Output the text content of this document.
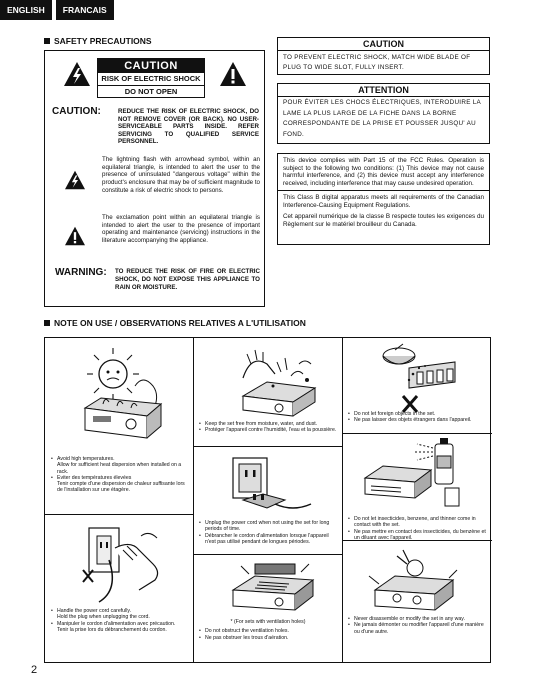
ENGLISH	FRANCAIS
SAFETY PRECAUTIONS
CAUTION
RISK OF ELECTRIC SHOCK
DO NOT OPEN
CAUTION:	REDUCE THE RISK OF ELECTRIC SHOCK, DO NOT REMOVE COVER (OR BACK). NO USER-SERVICEABLE PARTS INSIDE. REFER SERVICING TO QUALIFIED SERVICE PERSONNEL.
The lightning flash with arrowhead symbol, within an equilateral triangle, is intended to alert the user to the presence of uninsulated "dangerous voltage" within the product's enclosure that may be of sufficient magnitude to constitute a risk of electric shock to persons.
The exclamation point within an equilateral triangle is intended to alert the user to the presence of important operating and maintenance (servicing) instructions in the literature accompanying the appliance.
WARNING: TO REDUCE THE RISK OF FIRE OR ELECTRIC SHOCK, DO NOT EXPOSE THIS APPLIANCE TO RAIN OR MOISTURE.
CAUTION
TO PREVENT ELECTRIC SHOCK, MATCH WIDE BLADE OF PLUG TO WIDE SLOT, FULLY INSERT.
ATTENTION
POUR ÉVITER LES CHOCS ÉLECTRIQUES, INTERODUIRE LA LAME LA PLUS LARGE DE LA FICHE DANS LA BORNE CORRESPONDANTE DE LA PRISE ET POUSSER JUSQU' AU FOND.

This device complies with Part 15 of the FCC Rules. Operation is subject to the following two conditions: (1) This device may not cause harmful interference, and (2) this device must accept any interference received, including interference that may cause undesired operation.

This Class B digital apparatus meets all requirements of the Canadian Interference-Causing Equipment Regulations.

Cet appareil numérique de la classe B respecte toutes les exigences du Règlement sur le matériel brouilleur du Canada.

NOTE ON USE / OBSERVATIONS RELATIVES A L'UTILISATION
• Avoid high temperatures.
Allow for sufficient heat dispersion when installed on a rack.
• Eviter des températures élevées
Tenir compte d'une dispersion de chaleur suffisante lors de l'installation sur une étagère.
• Handle the power cord carefully.
Hold the plug when unplugging the cord.
• Manipuler le cordon d'alimentation avec précaution.
Tenir la prise lors du débranchement du cordon.
• Keep the set free from moisture, water, and dust.
• Protéger l'appareil contre l'humidité, l'eau et la poussière.
• Unplug the power cord when not using the set for long periods of time.
• Débrancher le cordon d'alimentation lorsque l'appareil n'est pas utilisé pendant de longues périodes.
* (For sets with ventilation holes)
• Do not obstruct the ventilation holes.
• Ne pas obstruer les trous d'aération.
• Do not let foreign objects in the set.
• Ne pas laisser des objets étrangers dans l'appareil.
• Do not let insecticides, benzene, and thinner come in contact with the set.
• Ne pas mettre en contact des insecticides, du benzène et un diluant avec l'appareil.
• Never disassemble or modify the set in any way.
• Ne jamais démonter ou modifier l'appareil d'une manière ou d'une autre.
2
